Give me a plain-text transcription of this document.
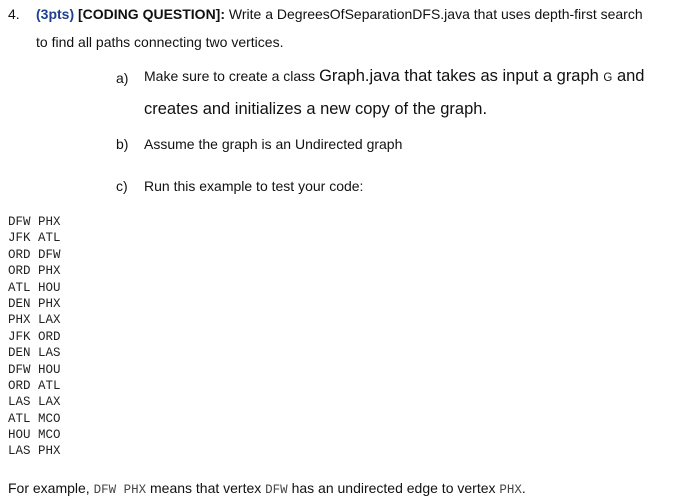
4. (3pts) [CODING QUESTION]: Write a DegreesOfSeparationDFS.java that uses depth-first search
to find all paths connecting two vertices.
a) Make sure to create a class Graph.java that takes as input a graph G and
creates and initializes a new copy of the graph.
b) Assume the graph is an Undirected graph
c) Run this example to test your code:
DFW PHX
JFK ATL
ORD DFW
ORD PHX
ATL HOU
DEN PHX
PHX LAX
JFK ORD
DEN LAS
DFW HOU
ORD ATL
LAS LAX
ATL MCO
HOU MCO
LAS PHX
For example, DFW PHX means that vertex DFW has an undirected edge to vertex PHX.
